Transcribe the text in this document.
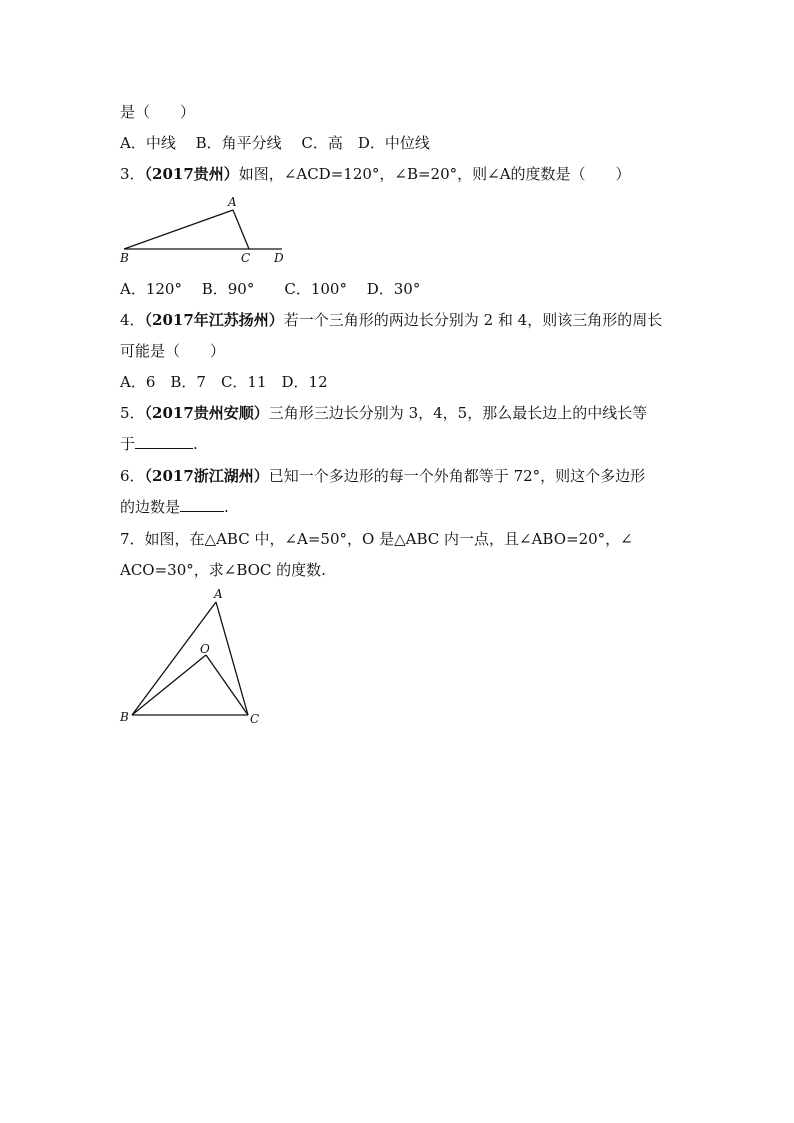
是（　　）
A．中线　 B．角平分线　 C．高　D．中位线
3．（2017贵州）如图，∠ACD=120°，∠B=20°，则∠A的度数是（　　）
A
B	C D
A．120°　 B．90°　　C．100°　 D．30°
4．（2017年江苏扬州）若一个三角形的两边长分别为 2 和 4，则该三角形的周长
可能是（　　）
A．6　B．7　C．11　D．12
5．（2017贵州安顺）三角形三边长分别为 3，4，5，那么最长边上的中线长等
于	.
6．（2017浙江湖州）已知一个多边形的每一个外角都等于 72°，则这个多边形
的边数是	.
7．如图，在△ABC 中，∠A=50°，O 是△ABC 内一点，且∠ABO=20°，∠
ACO=30°，求∠BOC 的度数.
A
O
B	C
